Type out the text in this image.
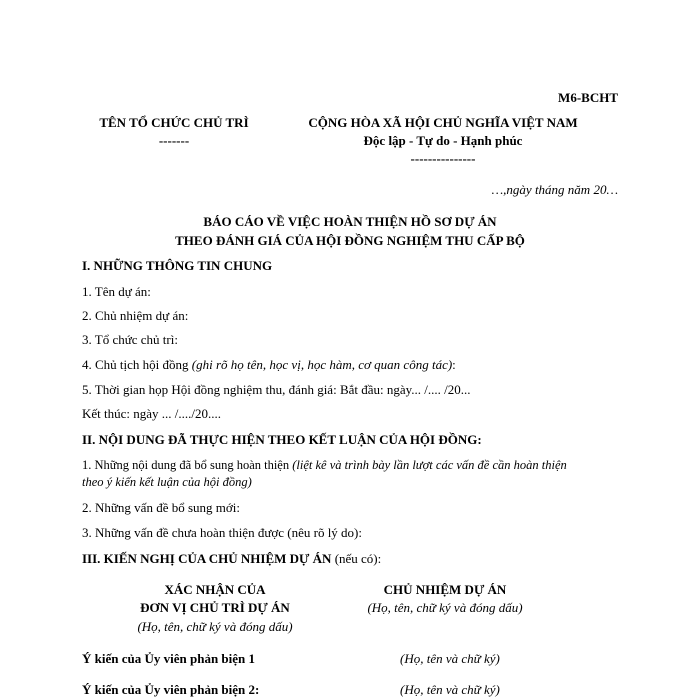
M6-BCHT
TÊN TỔ CHỨC CHỦ TRÌ
-------
CỘNG HÒA XÃ HỘI CHỦ NGHĨA VIỆT NAM
Độc lập - Tự do - Hạnh phúc
---------------
…,ngày tháng năm 20…
BÁO CÁO VỀ VIỆC HOÀN THIỆN HỒ SƠ DỰ ÁN
THEO ĐÁNH GIÁ CỦA HỘI ĐỒNG NGHIỆM THU CẤP BỘ
I. NHỮNG THÔNG TIN CHUNG
1. Tên dự án:
2. Chủ nhiệm dự án:
3. Tổ chức chủ trì:
4. Chủ tịch hội đồng (ghi rõ họ tên, học vị, học hàm, cơ quan công tác):
5. Thời gian họp Hội đồng nghiệm thu, đánh giá: Bắt đầu: ngày... /.... /20...
Kết thúc: ngày ... /..../20....
II. NỘI DUNG ĐÃ THỰC HIỆN THEO KẾT LUẬN CỦA HỘI ĐỒNG:
1. Những nội dung đã bổ sung hoàn thiện (liệt kê và trình bày lần lượt các vấn đề cần hoàn thiện
theo ý kiến kết luận của hội đồng)
2. Những vấn đề bổ sung mới:
3. Những vấn đề chưa hoàn thiện được (nêu rõ lý do):
III. KIẾN NGHỊ CỦA CHỦ NHIỆM DỰ ÁN (nếu có):
XÁC NHẬN CỦA
ĐƠN VỊ CHỦ TRÌ DỰ ÁN
(Họ, tên, chữ ký và đóng dấu)
CHỦ NHIỆM DỰ ÁN
(Họ, tên, chữ ký và đóng dấu)
Ý kiến của Ủy viên phản biện 1	(Họ, tên và chữ ký)
Ý kiến của Ủy viên phản biện 2:	(Họ, tên và chữ ký)
